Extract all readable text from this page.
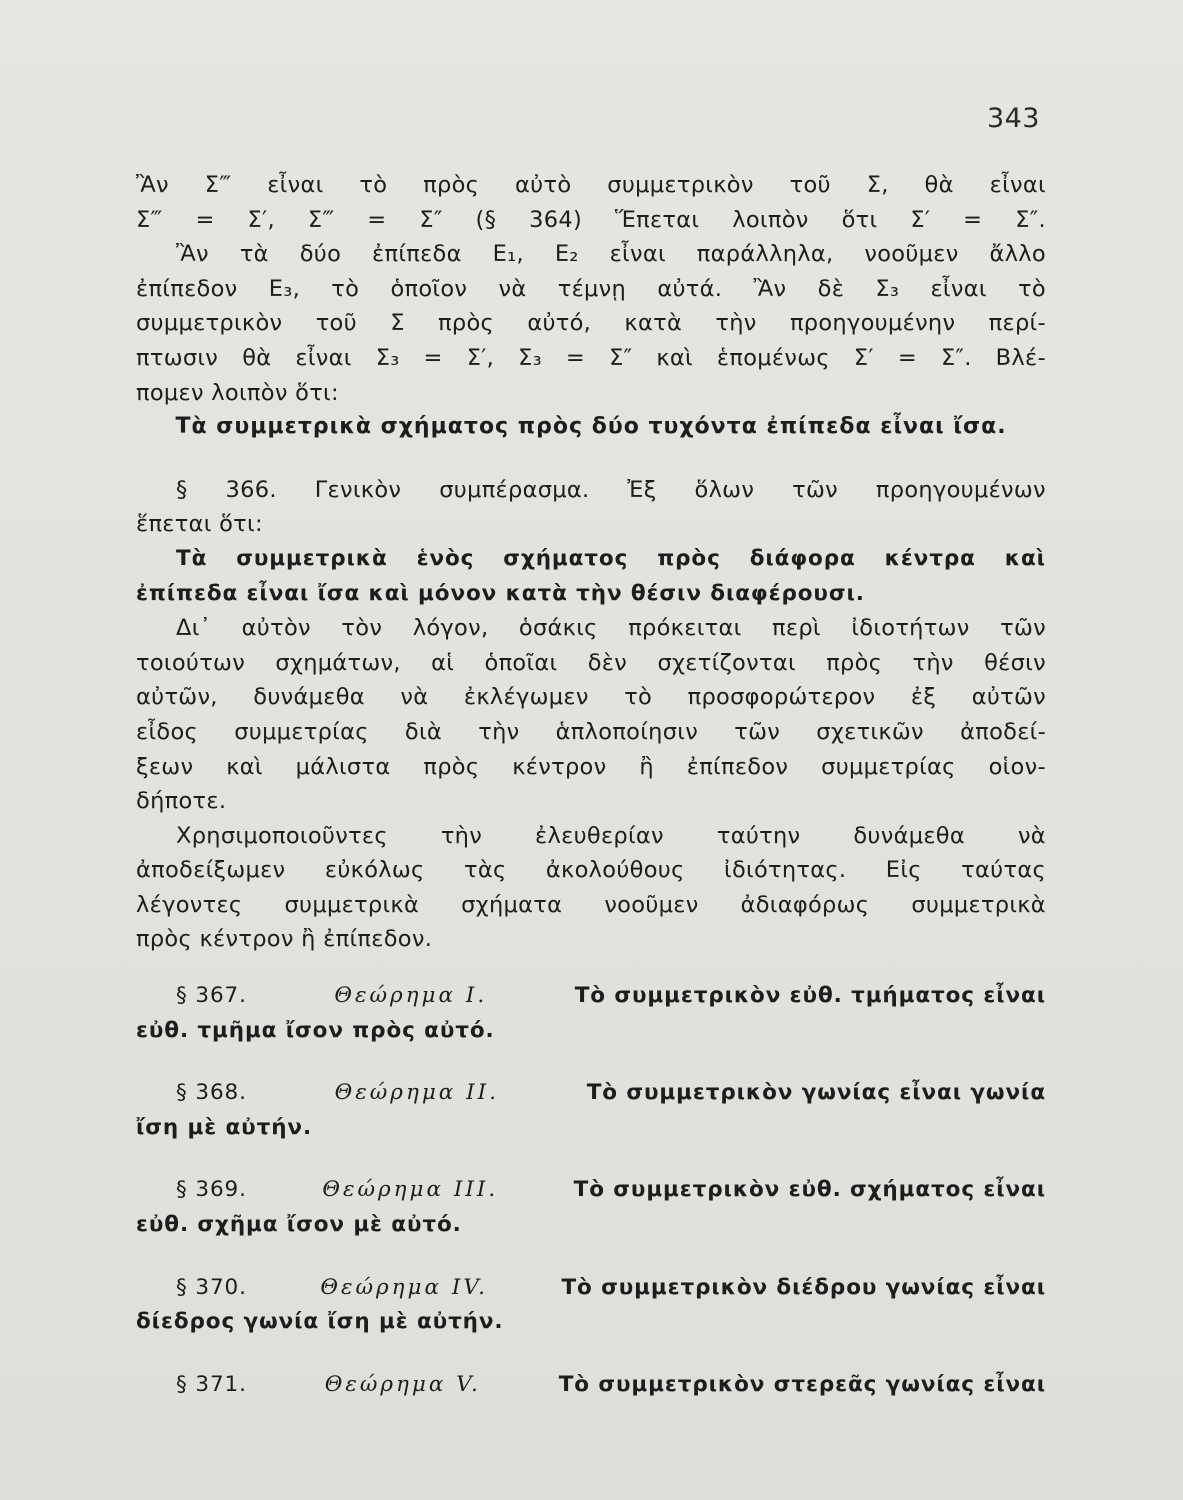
343
Ἂν Σ‴ εἶναι τὸ πρὸς αὐτὸ συμμετρικὸν τοῦ Σ, θὰ εἶναι
Σ‴ = Σ′, Σ‴ = Σ″ (§ 364) Ἕπεται λοιπὸν ὅτι Σ′ = Σ″.
Ἂν τὰ δύο ἐπίπεδα Ε₁, Ε₂ εἶναι παράλληλα, νοοῦμεν ἄλλο
ἐπίπεδον Ε₃, τὸ ὁποῖον νὰ τέμνῃ αὐτά. Ἂν δὲ Σ₃ εἶναι τὸ
συμμετρικὸν τοῦ Σ πρὸς αὐτό, κατὰ τὴν προηγουμένην περί-
πτωσιν θὰ εἶναι Σ₃ = Σ′, Σ₃ = Σ″ καὶ ἑπομένως Σ′ = Σ″. Βλέ-
πομεν λοιπὸν ὅτι:
Τὰ συμμετρικὰ σχήματος πρὸς δύο τυχόντα ἐπίπεδα εἶναι ἴσα.
§ 366. Γενικὸν συμπέρασμα. Ἐξ ὅλων τῶν προηγουμένων
ἕπεται ὅτι:
Τὰ συμμετρικὰ ἑνὸς σχήματος πρὸς διάφορα κέντρα καὶ
ἐπίπεδα εἶναι ἴσα καὶ μόνον κατὰ τὴν θέσιν διαφέρουσι.
Δι᾿ αὐτὸν τὸν λόγον, ὁσάκις πρόκειται περὶ ἰδιοτήτων τῶν
τοιούτων σχημάτων, αἱ ὁποῖαι δὲν σχετίζονται πρὸς τὴν θέσιν
αὐτῶν, δυνάμεθα νὰ ἐκλέγωμεν τὸ προσφορώτερον ἐξ αὐτῶν
εἶδος συμμετρίας διὰ τὴν ἁπλοποίησιν τῶν σχετικῶν ἀποδεί-
ξεων καὶ μάλιστα πρὸς κέντρον ἢ ἐπίπεδον συμμετρίας οἱον-
δήποτε.
Χρησιμοποιοῦντες τὴν ἐλευθερίαν ταύτην δυνάμεθα νὰ
ἀποδείξωμεν εὐκόλως τὰς ἀκολούθους ἰδιότητας. Εἰς ταύτας
λέγοντες συμμετρικὰ σχήματα νοοῦμεν ἀδιαφόρως συμμετρικὰ
πρὸς κέντρον ἢ ἐπίπεδον.
§ 367.	Θεώρημα I.	Τὸ συμμετρικὸν εὐθ. τμήματος εἶναι
εὐθ. τμῆμα ἴσον πρὸς αὐτό.
§ 368.	Θεώρημα II.	Τὸ συμμετρικὸν γωνίας εἶναι γωνία
ἴση μὲ αὐτήν.
§ 369.	Θεώρημα III.	Τὸ συμμετρικὸν εὐθ. σχήματος εἶναι
εὐθ. σχῆμα ἴσον μὲ αὐτό.
§ 370.	Θεώρημα IV.	Τὸ συμμετρικὸν διέδρου γωνίας εἶναι
δίεδρος γωνία ἴση μὲ αὐτήν.
§ 371.	Θεώρημα V.	Τὸ συμμετρικὸν στερεᾶς γωνίας εἶναι
